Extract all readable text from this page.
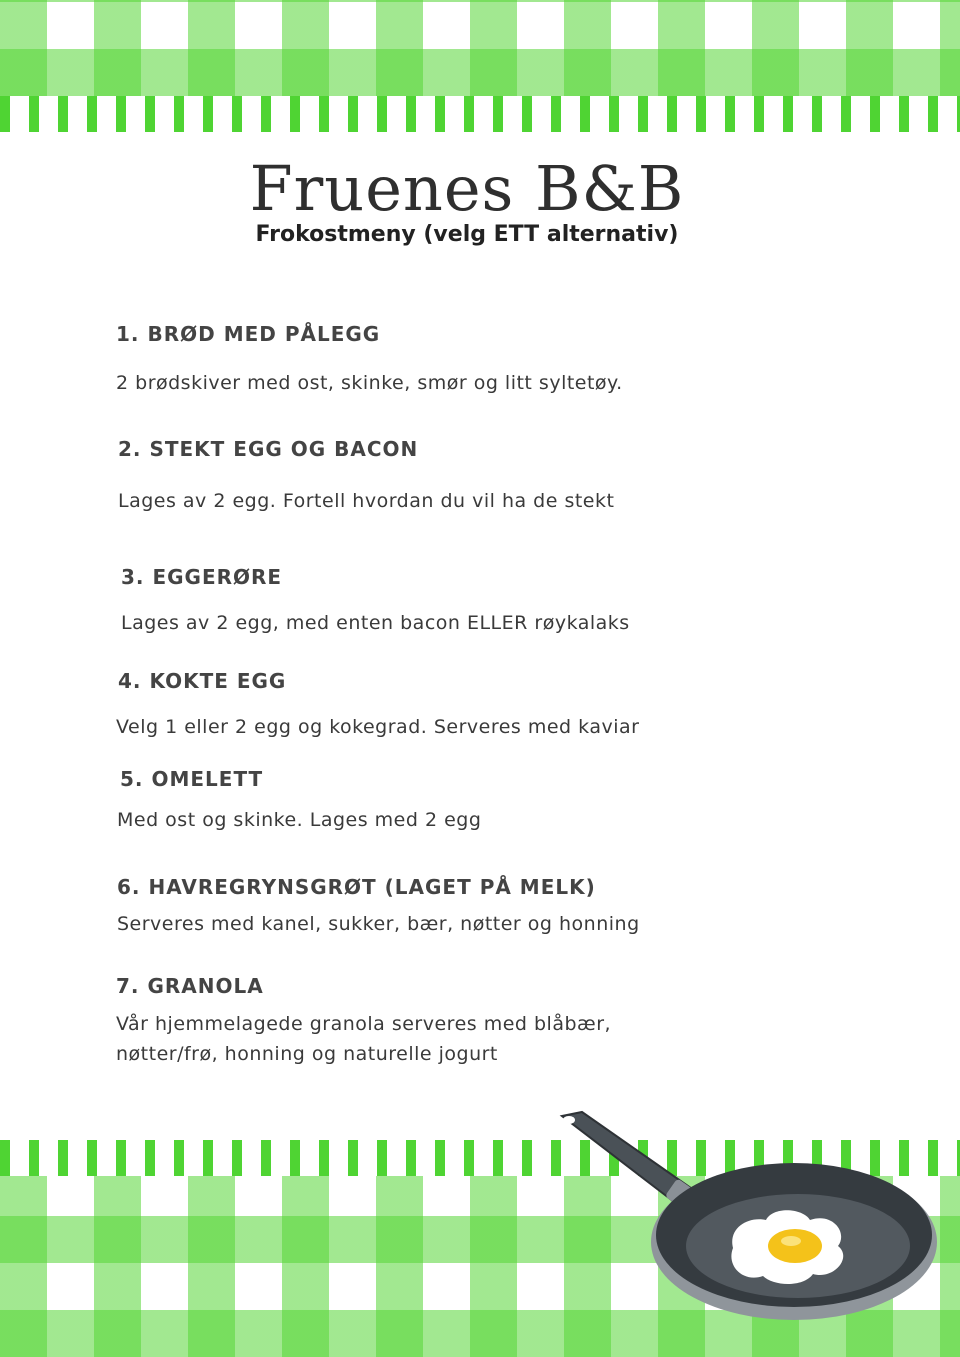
Fruenes B&B
Frokostmeny (velg ETT alternativ)
1. BRØD MED PÅLEGG
2 brødskiver med ost, skinke, smør og litt syltetøy.
2. STEKT EGG OG BACON
Lages av 2 egg. Fortell hvordan du vil ha de stekt
3. EGGERØRE
Lages av 2 egg, med enten bacon ELLER røykalaks
4. KOKTE EGG
Velg 1 eller 2 egg og kokegrad. Serveres med kaviar
5. OMELETT
Med ost og skinke. Lages med 2 egg
6. HAVREGRYNSGRØT (LAGET PÅ MELK)
Serveres med kanel, sukker, bær, nøtter og honning
7. GRANOLA
Vår hjemmelagede granola serveres med blåbær,
nøtter/frø, honning og naturelle jogurt
